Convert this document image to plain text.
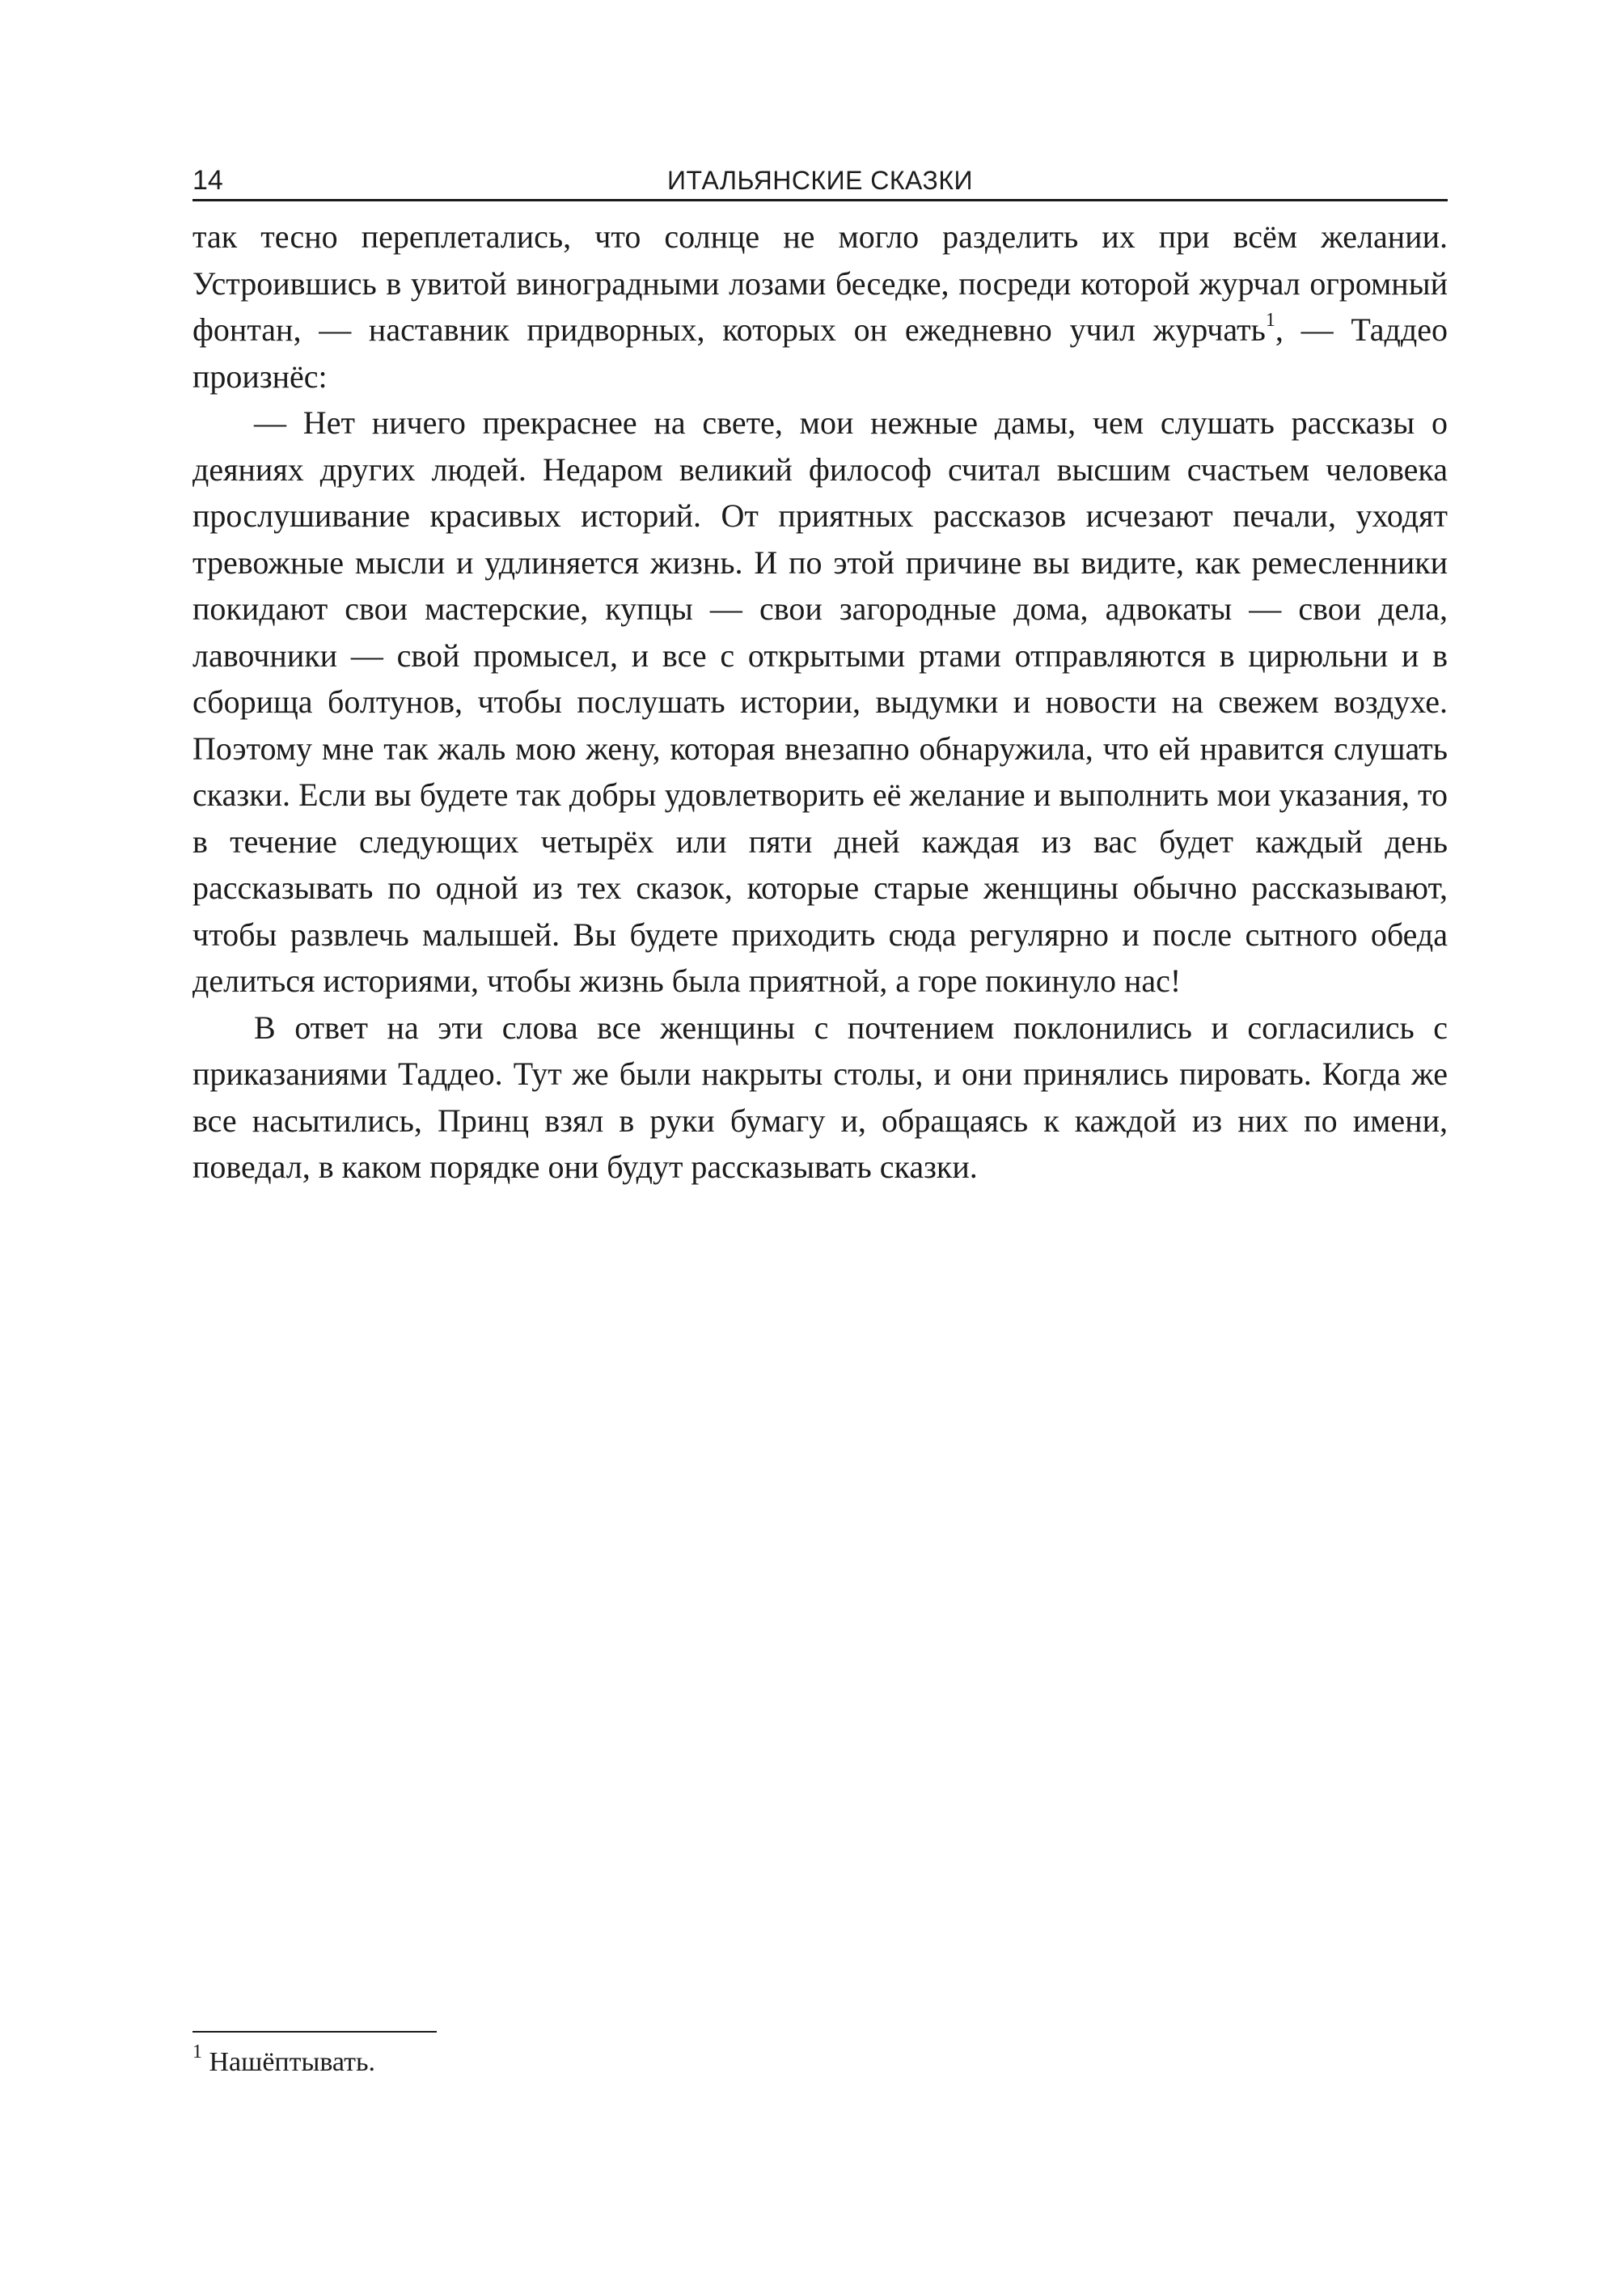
14	ИТАЛЬЯНСКИЕ СКАЗКИ

так тесно переплетались, что солнце не могло разделить их при всём желании. Устроившись в увитой виноградными лозами беседке, посреди которой журчал огромный фонтан, — наставник придворных, которых он ежедневно учил журчать$^1$, — Таддео произнёс:

— Нет ничего прекраснее на свете, мои нежные дамы, чем слушать рассказы о деяниях других людей. Недаром великий философ считал высшим счастьем человека прослушивание красивых историй. От приятных рассказов исчезают печали, уходят тревожные мысли и удлиняется жизнь. И по этой причине вы видите, как ремесленники покидают свои мастерские, купцы — свои загородные дома, адвокаты — свои дела, лавочники — свой промысел, и все с открытыми ртами отправляются в цирюльни и в сборища болтунов, чтобы послушать истории, выдумки и новости на свежем воздухе. Поэтому мне так жаль мою жену, которая внезапно обнаружила, что ей нравится слушать сказки. Если вы будете так добры удовлетворить её желание и выполнить мои указания, то в течение следующих четырёх или пяти дней каждая из вас будет каждый день рассказывать по одной из тех сказок, которые старые женщины обычно рассказывают, чтобы развлечь малышей. Вы будете приходить сюда регулярно и после сытного обеда делиться историями, чтобы жизнь была приятной, а горе покинуло нас!

В ответ на эти слова все женщины с почтением поклонились и согласились с приказаниями Таддео. Тут же были накрыты столы, и они принялись пировать. Когда же все насытились, Принц взял в руки бумагу и, обращаясь к каждой из них по имени, поведал, в каком порядке они будут рассказывать сказки.

$^1$ Нашёптывать.
